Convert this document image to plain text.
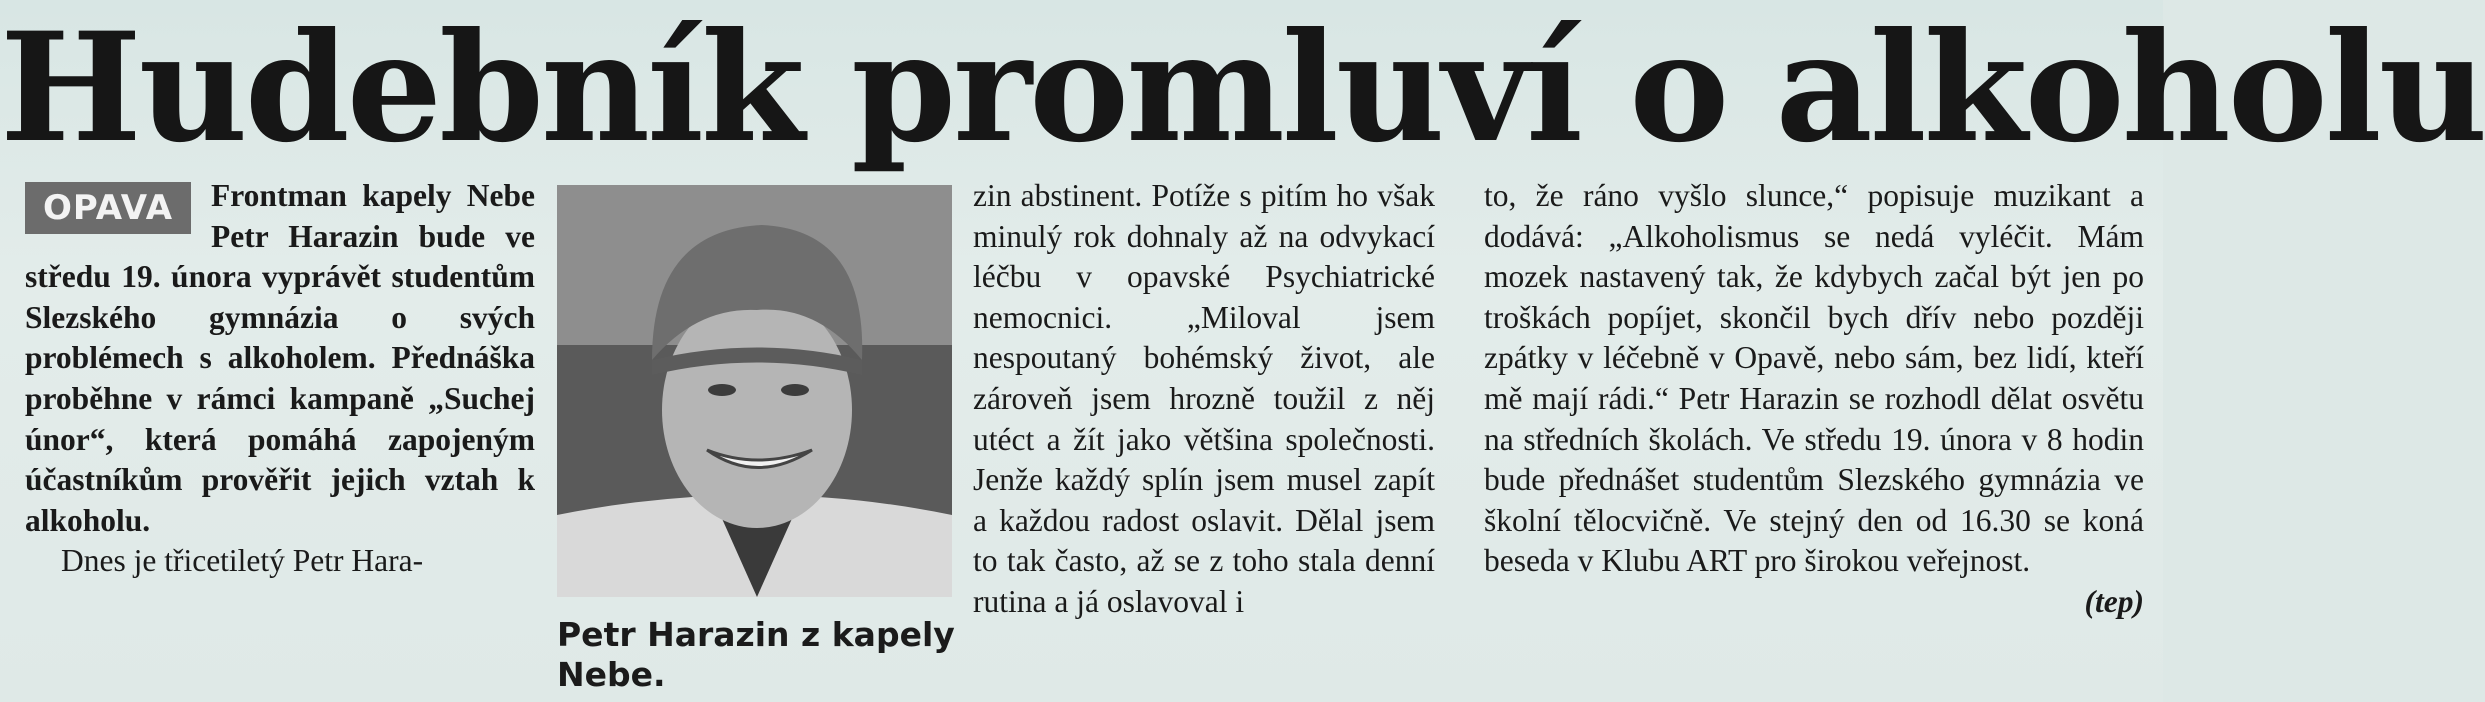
Hudebník promluví o alkoholu

OPAVA	Frontman kapely Nebe Petr Harazin bude ve středu 19. února vyprávět studentům Slezského gymnázia o svých problémech s alkoholem. Přednáška proběhne v rámci kampaně „Suchej únor“, která pomáhá zapojeným účastníkům prověřit jejich vztah k alkoholu.

Dnes je třicetiletý Petr Hara-

Petr Harazin z kapely Nebe.

zin abstinent. Potíže s pitím ho však minulý rok dohnaly až na odvykací léčbu v opavské Psychiatrické nemocnici. „Miloval jsem nespoutaný bohémský život, ale zároveň jsem hrozně toužil z něj utéct a žít jako většina společnosti. Jenže každý splín jsem musel zapít a každou radost oslavit. Dělal jsem to tak často, až se z toho stala denní rutina a já oslavoval i

to, že ráno vyšlo slunce,“ popisuje muzikant a dodává: „Alkoholismus se nedá vyléčit. Mám mozek nastavený tak, že kdybych začal být jen po troškách popíjet, skončil bych dřív nebo později zpátky v léčebně v Opavě, nebo sám, bez lidí, kteří mě mají rádi.“ Petr Harazin se rozhodl dělat osvětu na středních školách. Ve středu 19. února v 8 hodin bude přednášet studentům Slezského gymnázia ve školní tělocvičně. Ve stejný den od 16.30 se koná beseda v Klubu ART pro širokou veřejnost.

(tep)
